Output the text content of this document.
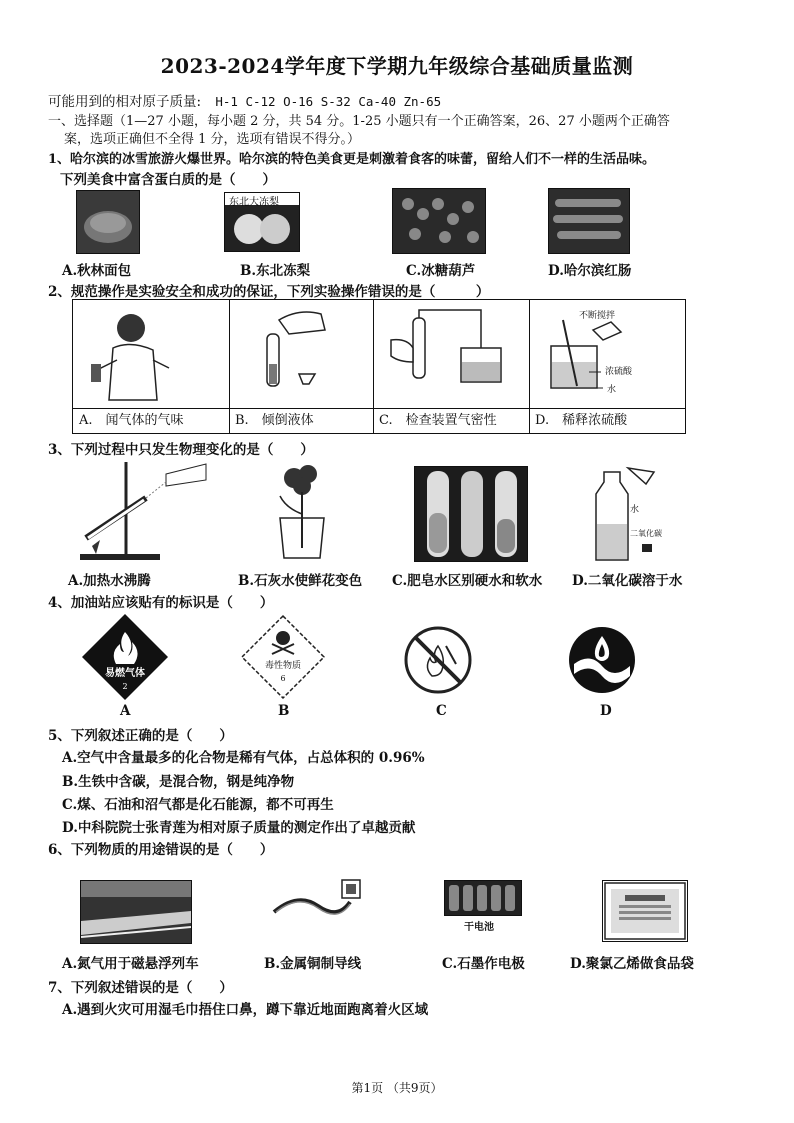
2023-2024学年度下学期九年级综合基础质量监测
可能用到的相对原子质量: H-1 C-12 O-16 S-32 Ca-40 Zn-65
一、选择题（1—27 小题，每小题 2 分，共 54 分。1-25 小题只有一个正确答案，26、27 小题两个正确答
案，选项正确但不全得 1 分，选项有错误不得分。）
1、哈尔滨的冰雪旅游火爆世界。哈尔滨的特色美食更是刺激着食客的味蕾，留给人们不一样的生活品味。
下列美食中富含蛋白质的是（　　）
东北大冻梨
A.秋林面包	B.东北冻梨	C.冰糖葫芦	D.哈尔滨红肠
2、规范操作是实验安全和成功的保证，下列实验操作错误的是（　　　）
A.　闻气体的气味	B.　倾倒液体	C.　检查装置气密性
不断搅拌
浓硫酸
水
D.　稀释浓硫酸
3、下列过程中只发生物理变化的是（　　）
水
二氧化碳
A.加热水沸腾	B.石灰水使鲜花变色 C.肥皂水区别硬水和软水 D.二氧化碳溶于水
4、加油站应该贴有的标识是（　　）
易燃气体
2
毒性物质
6
A	B	C	D
5、下列叙述正确的是（　　）
A.空气中含量最多的化合物是稀有气体，占总体积的 0.96%
B.生铁中含碳，是混合物，钢是纯净物
C.煤、石油和沼气都是化石能源，都不可再生
D.中科院院士张青莲为相对原子质量的测定作出了卓越贡献
6、下列物质的用途错误的是（　　）
干电池
A.氮气用于磁悬浮列车	B.金属铜制导线	C.石墨作电极	D.聚氯乙烯做食品袋
7、下列叙述错误的是（　　）
A.遇到火灾可用湿毛巾捂住口鼻，蹲下靠近地面跑离着火区域
第1页 （共9页）
